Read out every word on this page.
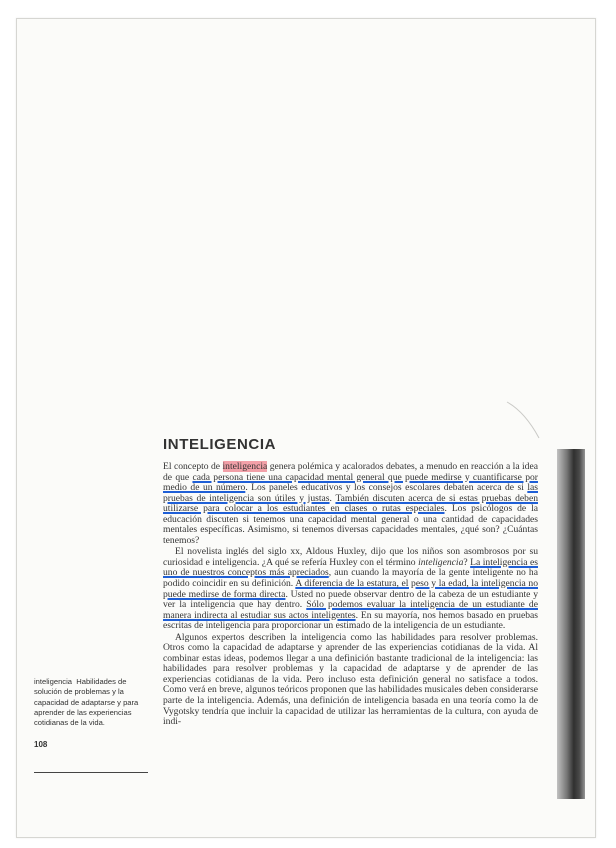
INTELIGENCIA

El concepto de inteligencia genera polémica y acalorados debates, a menudo en reacción a la idea de que cada persona tiene una capacidad mental general que puede medirse y cuantificarse por medio de un número. Los paneles educativos y los consejos escolares debaten acerca de si las pruebas de inteligencia son útiles y justas. También discuten acerca de si estas pruebas deben utilizarse para colocar a los estudiantes en clases o rutas especiales. Los psicólogos de la educación discuten si tenemos una capacidad mental general o una cantidad de capacidades mentales específicas. Asimismo, si tenemos diversas capacidades mentales, ¿qué son? ¿Cuántas tenemos?

El novelista inglés del siglo xx, Aldous Huxley, dijo que los niños son asombrosos por su curiosidad e inteligencia. ¿A qué se refería Huxley con el término inteligencia? La inteligencia es uno de nuestros conceptos más apreciados, aun cuando la mayoría de la gente inteligente no ha podido coincidir en su definición. A diferencia de la estatura, el peso y la edad, la inteligencia no puede medirse de forma directa. Usted no puede observar dentro de la cabeza de un estudiante y ver la inteligencia que hay dentro. Sólo podemos evaluar la inteligencia de un estudiante de manera indirecta al estudiar sus actos inteligentes. En su mayoría, nos hemos basado en pruebas escritas de inteligencia para proporcionar un estimado de la inteligencia de un estudiante.

Algunos expertos describen la inteligencia como las habilidades para resolver problemas. Otros como la capacidad de adaptarse y aprender de las experiencias cotidianas de la vida. Al combinar estas ideas, podemos llegar a una definición bastante tradicional de la inteligencia: las habilidades para resolver problemas y la capacidad de adaptarse y de aprender de las experiencias cotidianas de la vida. Pero incluso esta definición general no satisface a todos. Como verá en breve, algunos teóricos proponen que las habilidades musicales deben considerarse parte de la inteligencia. Además, una definición de inteligencia basada en una teoría como la de Vygotsky tendría que incluir la capacidad de utilizar las herramientas de la cultura, con ayuda de indi-

inteligencia Habilidades de solución de problemas y la capacidad de adaptarse y para aprender de las experiencias cotidianas de la vida.

108
